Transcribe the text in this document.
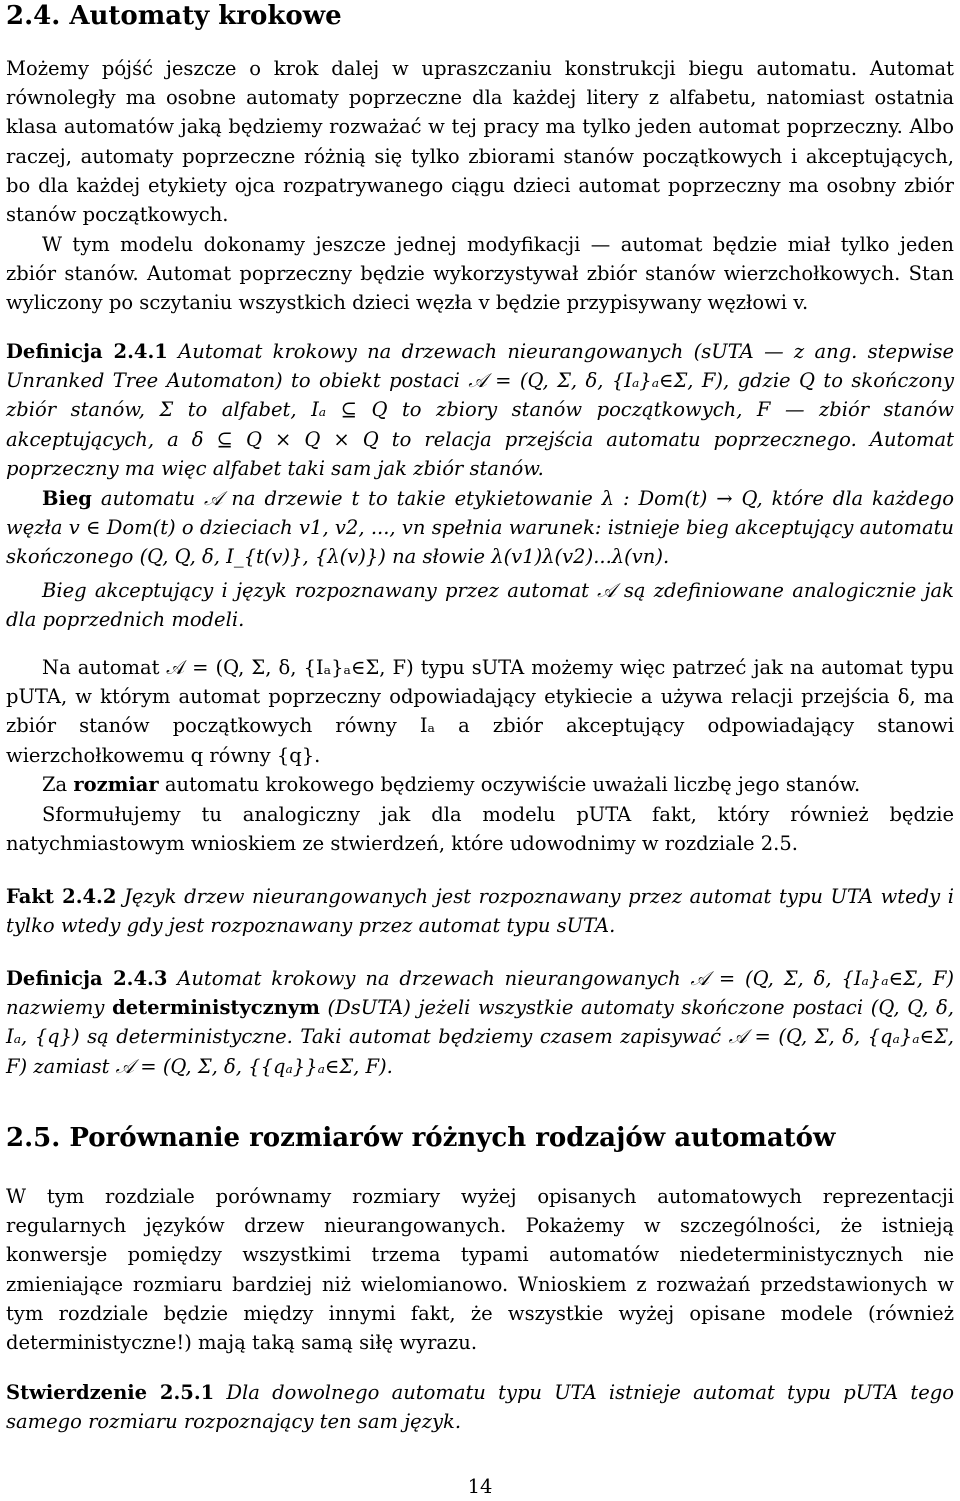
2.4. Automaty krokowe

Możemy pójść jeszcze o krok dalej w upraszczaniu konstrukcji biegu automatu. Automat równoległy ma osobne automaty poprzeczne dla każdej litery z alfabetu, natomiast ostatnia klasa automatów jaką będziemy rozważać w tej pracy ma tylko jeden automat poprzeczny. Albo raczej, automaty poprzeczne różnią się tylko zbiorami stanów początkowych i akceptujących, bo dla każdej etykiety ojca rozpatrywanego ciągu dzieci automat poprzeczny ma osobny zbiór stanów początkowych.

W tym modelu dokonamy jeszcze jednej modyfikacji — automat będzie miał tylko jeden zbiór stanów. Automat poprzeczny będzie wykorzystywał zbiór stanów wierzchołkowych. Stan wyliczony po sczytaniu wszystkich dzieci węzła v będzie przypisywany węzłowi v.

Definicja 2.4.1 Automat krokowy na drzewach nieurangowanych (sUTA — z ang. stepwise Unranked Tree Automaton) to obiekt postaci 𝒜 = (Q, Σ, δ, {Iₐ}ₐ∈Σ, F), gdzie Q to skończony zbiór stanów, Σ to alfabet, Iₐ ⊆ Q to zbiory stanów początkowych, F — zbiór stanów akceptujących, a δ ⊆ Q × Q × Q to relacja przejścia automatu poprzecznego. Automat poprzeczny ma więc alfabet taki sam jak zbiór stanów.

Bieg automatu 𝒜 na drzewie t to takie etykietowanie λ : Dom(t) → Q, które dla każdego węzła v ∈ Dom(t) o dzieciach v1, v2, ..., vn spełnia warunek: istnieje bieg akceptujący automatu skończonego (Q, Q, δ, I_{t(v)}, {λ(v)}) na słowie λ(v1)λ(v2)...λ(vn).

Bieg akceptujący i język rozpoznawany przez automat 𝒜 są zdefiniowane analogicznie jak dla poprzednich modeli.

Na automat 𝒜 = (Q, Σ, δ, {Iₐ}ₐ∈Σ, F) typu sUTA możemy więc patrzeć jak na automat typu pUTA, w którym automat poprzeczny odpowiadający etykiecie a używa relacji przejścia δ, ma zbiór stanów początkowych równy Iₐ a zbiór akceptujący odpowiadający stanowi wierzchołkowemu q równy {q}.

Za rozmiar automatu krokowego będziemy oczywiście uważali liczbę jego stanów.

Sformułujemy tu analogiczny jak dla modelu pUTA fakt, który również będzie natychmiastowym wnioskiem ze stwierdzeń, które udowodnimy w rozdziale 2.5.

Fakt 2.4.2 Język drzew nieurangowanych jest rozpoznawany przez automat typu UTA wtedy i tylko wtedy gdy jest rozpoznawany przez automat typu sUTA.

Definicja 2.4.3 Automat krokowy na drzewach nieurangowanych 𝒜 = (Q, Σ, δ, {Iₐ}ₐ∈Σ, F) nazwiemy deterministycznym (DsUTA) jeżeli wszystkie automaty skończone postaci (Q, Q, δ, Iₐ, {q}) są deterministyczne. Taki automat będziemy czasem zapisywać 𝒜 = (Q, Σ, δ, {qₐ}ₐ∈Σ, F) zamiast 𝒜 = (Q, Σ, δ, {{qₐ}}ₐ∈Σ, F).

2.5. Porównanie rozmiarów różnych rodzajów automatów

W tym rozdziale porównamy rozmiary wyżej opisanych automatowych reprezentacji regularnych języków drzew nieurangowanych. Pokażemy w szczególności, że istnieją konwersje pomiędzy wszystkimi trzema typami automatów niedeterministycznych nie zmieniające rozmiaru bardziej niż wielomianowo. Wnioskiem z rozważań przedstawionych w tym rozdziale będzie między innymi fakt, że wszystkie wyżej opisane modele (również deterministyczne!) mają taką samą siłę wyrazu.

Stwierdzenie 2.5.1 Dla dowolnego automatu typu UTA istnieje automat typu pUTA tego samego rozmiaru rozpoznający ten sam język.

14
